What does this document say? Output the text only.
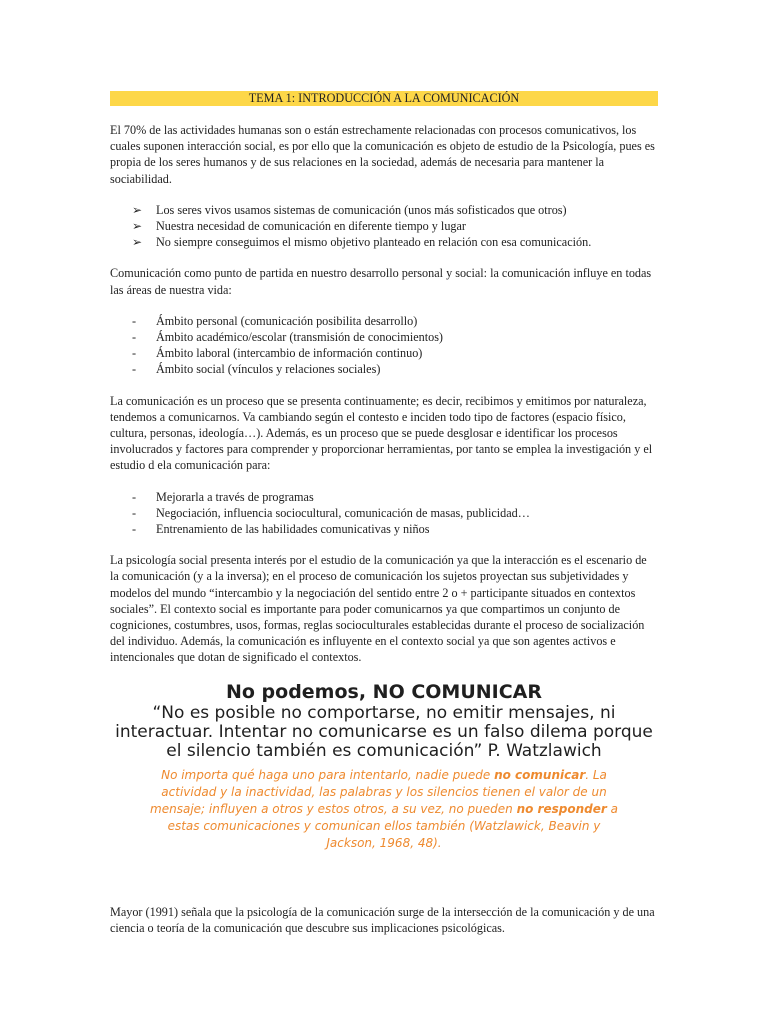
TEMA 1: INTRODUCCIÓN A LA COMUNICACIÓN

El 70% de las actividades humanas son o están estrechamente relacionadas con procesos comunicativos, los cuales suponen interacción social, es por ello que la comunicación es objeto de estudio de la Psicología, pues es propia de los seres humanos y de sus relaciones en la sociedad, además de necesaria para mantener la sociabilidad.

➢ Los seres vivos usamos sistemas de comunicación (unos más sofisticados que otros)
➢ Nuestra necesidad de comunicación en diferente tiempo y lugar
➢ No siempre conseguimos el mismo objetivo planteado en relación con esa comunicación.

Comunicación como punto de partida en nuestro desarrollo personal y social: la comunicación influye en todas las áreas de nuestra vida:

- Ámbito personal (comunicación posibilita desarrollo)
- Ámbito académico/escolar (transmisión de conocimientos)
- Ámbito laboral (intercambio de información continuo)
- Ámbito social (vínculos y relaciones sociales)

La comunicación es un proceso que se presenta continuamente; es decir, recibimos y emitimos por naturaleza, tendemos a comunicarnos. Va cambiando según el contesto e inciden todo tipo de factores (espacio físico, cultura, personas, ideología…). Además, es un proceso que se puede desglosar e identificar los procesos involucrados y factores para comprender y proporcionar herramientas, por tanto se emplea la investigación y el estudio d ela comunicación para:

- Mejorarla a través de programas
- Negociación, influencia sociocultural, comunicación de masas, publicidad…
- Entrenamiento de las habilidades comunicativas y niños

La psicología social presenta interés por el estudio de la comunicación ya que la interacción es el escenario de la comunicación (y a la inversa); en el proceso de comunicación los sujetos proyectan sus subjetividades y modelos del mundo “intercambio y la negociación del sentido entre 2 o + participante situados en contextos sociales”. El contexto social es importante para poder comunicarnos ya que compartimos un conjunto de cogniciones, costumbres, usos, formas, reglas socioculturales establecidas durante el proceso de socialización del individuo. Además, la comunicación es influyente en el contexto social ya que son agentes activos e intencionales que dotan de significado el contextos.

No podemos, NO COMUNICAR
“No es posible no comportarse, no emitir mensajes, ni interactuar. Intentar no comunicarse es un falso dilema porque el silencio también es comunicación” P. Watzlawich
No importa qué haga uno para intentarlo, nadie puede no comunicar. La actividad y la inactividad, las palabras y los silencios tienen el valor de un mensaje; influyen a otros y estos otros, a su vez, no pueden no responder a estas comunicaciones y comunican ellos también (Watzlawick, Beavin y Jackson, 1968, 48).

Mayor (1991) señala que la psicología de la comunicación surge de la intersección de la comunicación y de una ciencia o teoría de la comunicación que descubre sus implicaciones psicológicas.
